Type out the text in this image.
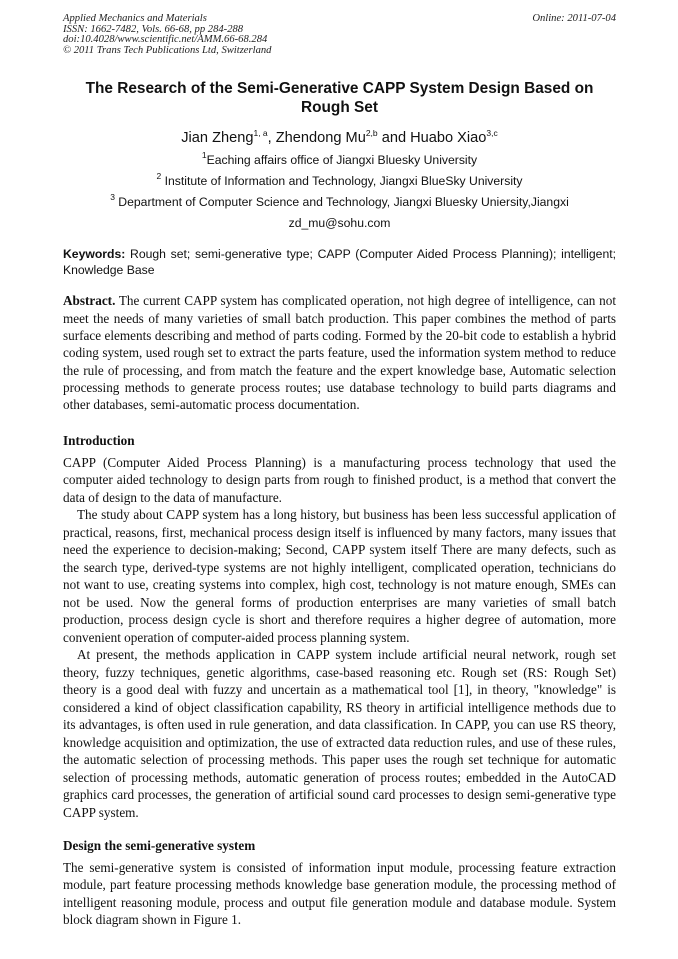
Applied Mechanics and Materials
ISSN: 1662-7482, Vols. 66-68, pp 284-288
doi:10.4028/www.scientific.net/AMM.66-68.284
© 2011 Trans Tech Publications Ltd, Switzerland
Online: 2011-07-04
The Research of the Semi-Generative CAPP System Design Based on Rough Set
Jian Zheng$^{1, a}$, Zhendong Mu$^{2,b}$ and Huabo Xiao$^{3,c}$
$^1$Eaching affairs office of Jiangxi Bluesky University
$^2$ Institute of Information and Technology, Jiangxi BlueSky University
$^3$ Department of Computer Science and Technology, Jiangxi Bluesky Uniersity,Jiangxi
zd_mu@sohu.com
Keywords: Rough set; semi-generative type; CAPP (Computer Aided Process Planning); intelligent; Knowledge Base
Abstract. The current CAPP system has complicated operation, not high degree of intelligence, can not meet the needs of many varieties of small batch production. This paper combines the method of parts surface elements describing and method of parts coding. Formed by the 20-bit code to establish a hybrid coding system, used rough set to extract the parts feature, used the information system method to reduce the rule of processing, and from match the feature and the expert knowledge base, Automatic selection processing methods to generate process routes; use database technology to build parts diagrams and other databases, semi-automatic process documentation.
Introduction
CAPP (Computer Aided Process Planning) is a manufacturing process technology that used the computer aided technology to design parts from rough to finished product, is a method that convert the data of design to the data of manufacture.
The study about CAPP system has a long history, but business has been less successful application of practical, reasons, first, mechanical process design itself is influenced by many factors, many issues that need the experience to decision-making; Second, CAPP system itself There are many defects, such as the search type, derived-type systems are not highly intelligent, complicated operation, technicians do not want to use, creating systems into complex, high cost, technology is not mature enough, SMEs can not be used. Now the general forms of production enterprises are many varieties of small batch production, process design cycle is short and therefore requires a higher degree of automation, more convenient operation of computer-aided process planning system.
At present, the methods application in CAPP system include artificial neural network, rough set theory, fuzzy techniques, genetic algorithms, case-based reasoning etc. Rough set (RS: Rough Set) theory is a good deal with fuzzy and uncertain as a mathematical tool [1], in theory, "knowledge" is considered a kind of object classification capability, RS theory in artificial intelligence methods due to its advantages, is often used in rule generation, and data classification. In CAPP, you can use RS theory, knowledge acquisition and optimization, the use of extracted data reduction rules, and use of these rules, the automatic selection of processing methods. This paper uses the rough set technique for automatic selection of processing methods, automatic generation of process routes; embedded in the AutoCAD graphics card processes, the generation of artificial sound card processes to design semi-generative type CAPP system.
Design the semi-generative system
The semi-generative system is consisted of information input module, processing feature extraction module, part feature processing methods knowledge base generation module, the processing method of intelligent reasoning module, process and output file generation module and database module. System block diagram shown in Figure 1.
